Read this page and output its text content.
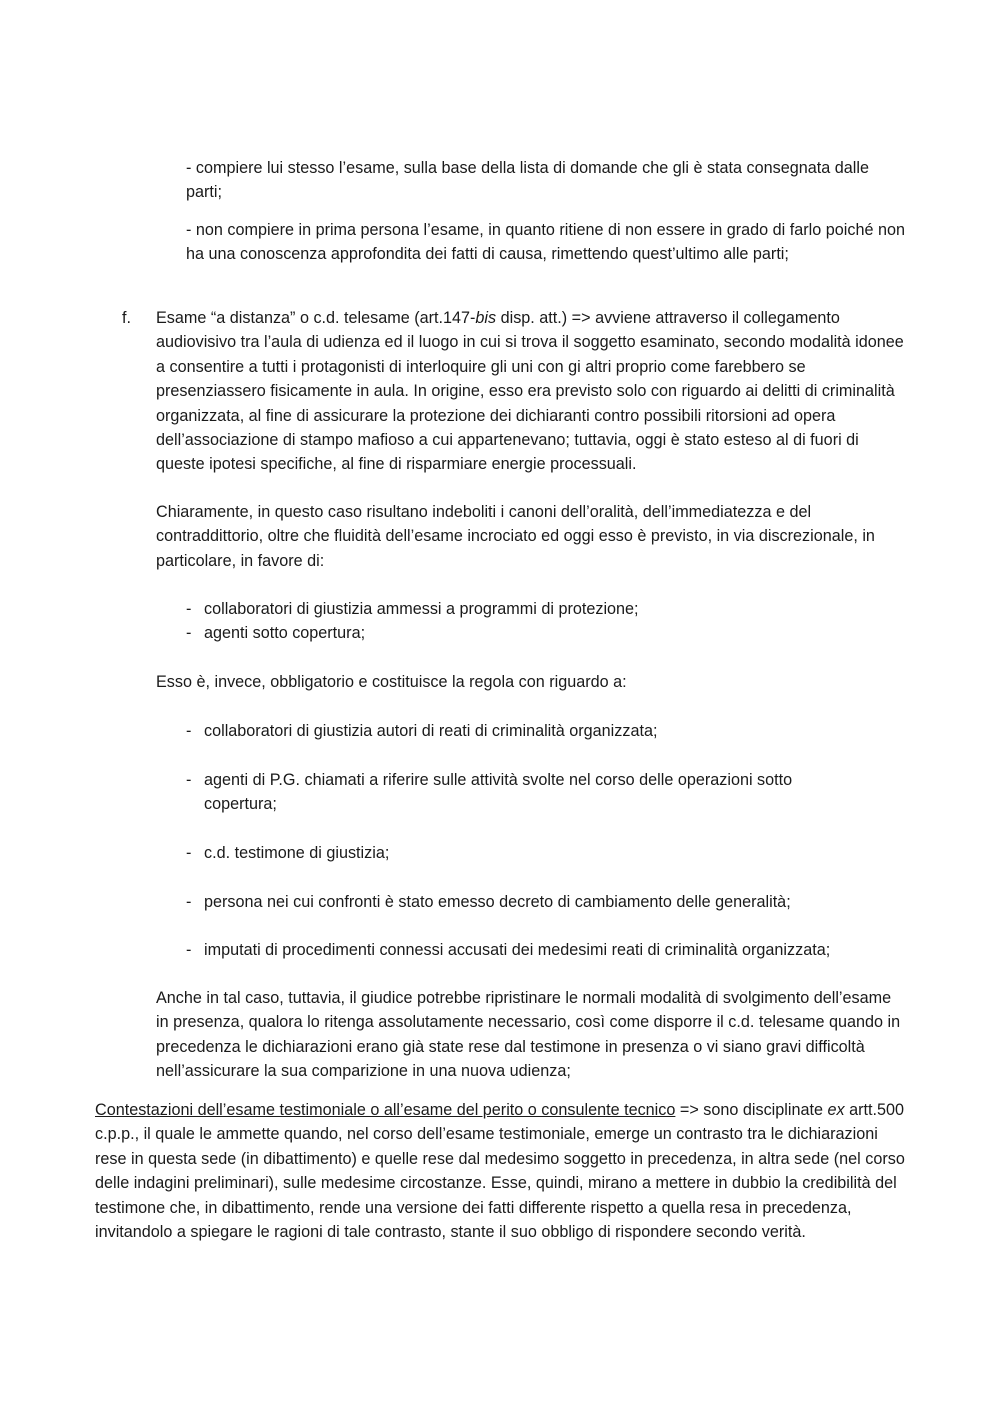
- compiere lui stesso l’esame, sulla base della lista di domande che gli è stata consegnata dalle parti;
- non compiere in prima persona l’esame, in quanto ritiene di non essere in grado di farlo poiché non ha una conoscenza approfondita dei fatti di causa, rimettendo quest’ultimo alle parti;
f.	Esame “a distanza” o c.d. telesame (art.147-bis disp. att.) => avviene attraverso il collegamento audiovisivo tra l’aula di udienza ed il luogo in cui si trova il soggetto esaminato, secondo modalità idonee a consentire a tutti i protagonisti di interloquire gli uni con gi altri proprio come farebbero se presenziassero fisicamente in aula. In origine, esso era previsto solo con riguardo ai delitti di criminalità organizzata, al fine di assicurare la protezione dei dichiaranti contro possibili ritorsioni ad opera dell’associazione di stampo mafioso a cui appartenevano; tuttavia, oggi è stato esteso al di fuori di queste ipotesi specifiche, al fine di risparmiare energie processuali.
Chiaramente, in questo caso risultano indeboliti i canoni dell’oralità, dell’immediatezza e del contraddittorio, oltre che fluidità dell’esame incrociato ed oggi esso è previsto, in via discrezionale, in particolare, in favore di:
- collaboratori di giustizia ammessi a programmi di protezione;
- agenti sotto copertura;
Esso è, invece, obbligatorio e costituisce la regola con riguardo a:
- collaboratori di giustizia autori di reati di criminalità organizzata;
- agenti di P.G. chiamati a riferire sulle attività svolte nel corso delle operazioni sotto copertura;
- c.d. testimone di giustizia;
- persona nei cui confronti è stato emesso decreto di cambiamento delle generalità;
- imputati di procedimenti connessi accusati dei medesimi reati di criminalità organizzata;
Anche in tal caso, tuttavia, il giudice potrebbe ripristinare le normali modalità di svolgimento dell’esame in presenza, qualora lo ritenga assolutamente necessario, così come disporre il c.d. telesame quando in precedenza le dichiarazioni erano già state rese dal testimone in presenza o vi siano gravi difficoltà nell’assicurare la sua comparizione in una nuova udienza;
Contestazioni dell’esame testimoniale o all’esame del perito o consulente tecnico => sono disciplinate ex artt.500 c.p.p., il quale le ammette quando, nel corso dell’esame testimoniale, emerge un contrasto tra le dichiarazioni rese in questa sede (in dibattimento) e quelle rese dal medesimo soggetto in precedenza, in altra sede (nel corso delle indagini preliminari), sulle medesime circostanze. Esse, quindi, mirano a mettere in dubbio la credibilità del testimone che, in dibattimento, rende una versione dei fatti differente rispetto a quella resa in precedenza, invitandolo a spiegare le ragioni di tale contrasto, stante il suo obbligo di rispondere secondo verità.
